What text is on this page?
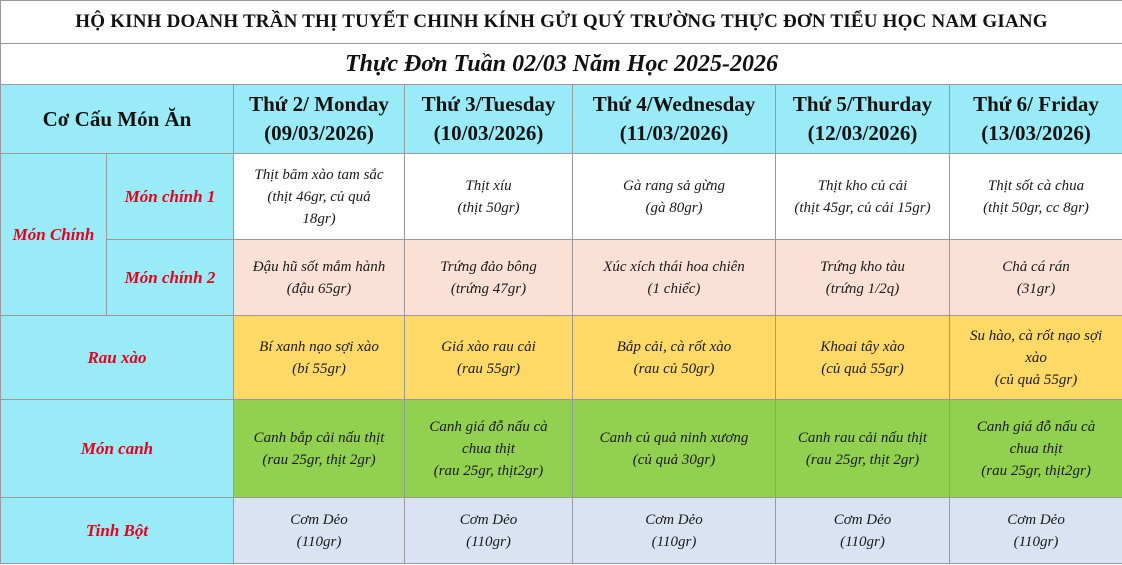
HỘ KINH DOANH TRẦN THỊ TUYẾT CHINH KÍNH GỬI QUÝ TRƯỜNG THỰC ĐƠN TIỂU HỌC NAM GIANG						
Thực Đơn Tuần 02/03 Năm Học 2025-2026						
Cơ Cấu Món Ăn		Thứ 2/ Monday
(09/03/2026)	Thứ 3/Tuesday
(10/03/2026)	Thứ 4/Wednesday
(11/03/2026)	Thứ 5/Thurday
(12/03/2026)	Thứ 6/ Friday
(13/03/2026)

Món Chính	Món chính 1	Thịt băm xào tam sắc
(thịt 46gr, củ quả
18gr)	Thịt xíu
(thịt 50gr)	Gà rang sả gừng
(gà 80gr)	Thịt kho củ cải
(thịt 45gr, củ cải 15gr)	Thịt sốt cà chua
(thịt 50gr, cc 8gr)

	Món chính 2	Đậu hũ sốt mắm hành
(đậu 65gr)	Trứng đảo bông
(trứng 47gr)	Xúc xích thái hoa chiên
(1 chiếc)	Trứng kho tàu
(trứng 1/2q)	Chả cá rán
(31gr)

Rau xào		Bí xanh nạo sợi xào
(bí 55gr)	Giá xào rau cải
(rau 55gr)	Bắp cải, cà rốt xào
(rau củ 50gr)	Khoai tây xào
(củ quả 55gr)	Su hào, cà rốt nạo sợi
xào
(củ quả 55gr)

Món canh		Canh bắp cải nấu thịt
(rau 25gr, thịt 2gr)	Canh giá đỗ nấu cà
chua thịt
(rau 25gr, thịt2gr)	Canh củ quả ninh xương
(củ quả 30gr)	Canh rau cải nấu thịt
(rau 25gr, thịt 2gr)	Canh giá đỗ nấu cà
chua thịt
(rau 25gr, thịt2gr)

Tinh Bột		Cơm Dẻo
(110gr)	Cơm Dẻo
(110gr)	Cơm Dẻo
(110gr)	Cơm Dẻo
(110gr)	Cơm Dẻo
(110gr)
